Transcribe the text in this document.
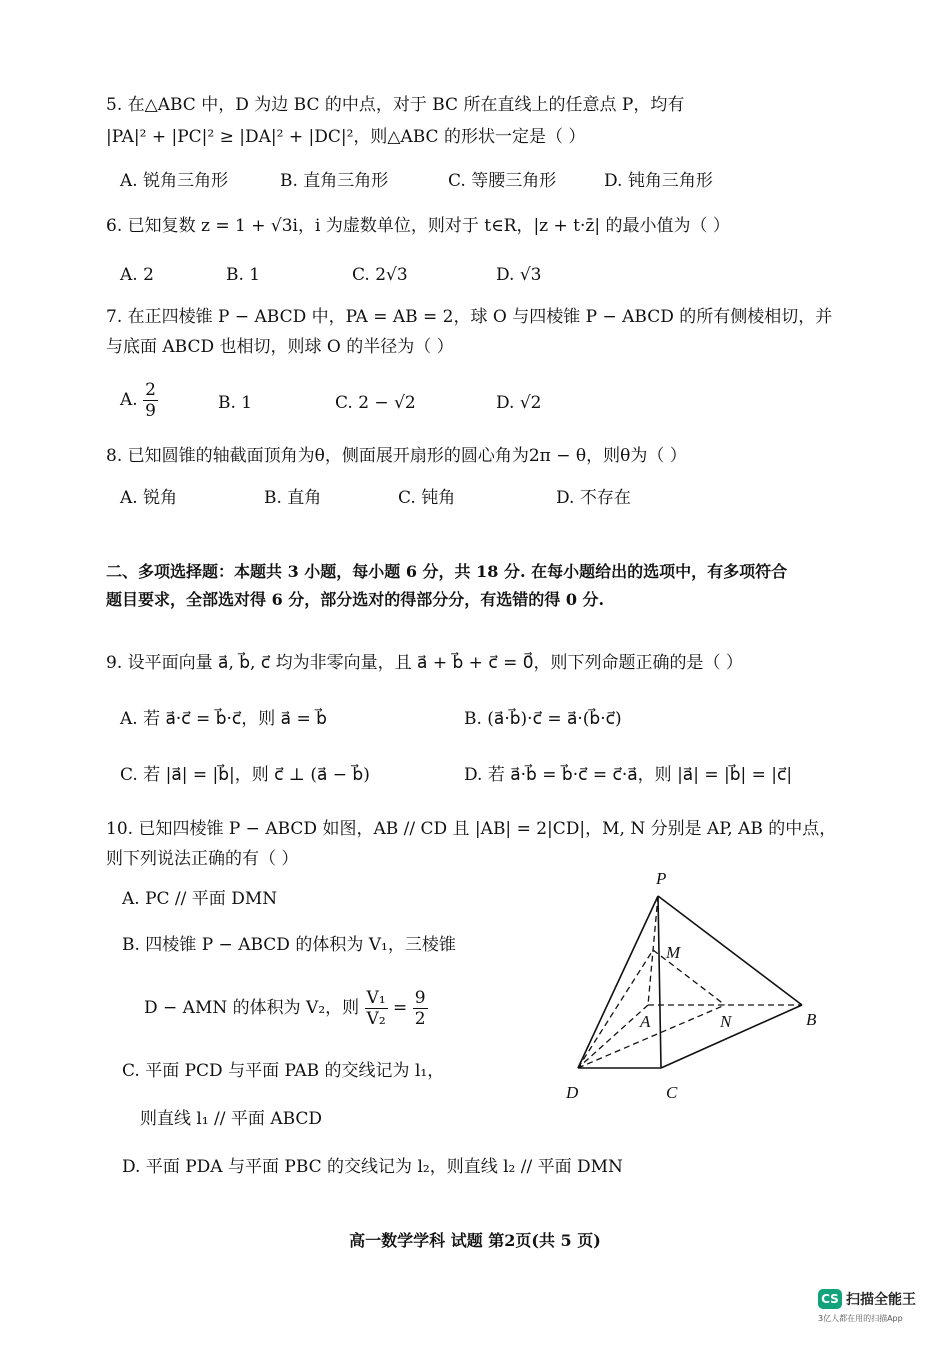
5. 在△ABC 中，D 为边 BC 的中点，对于 BC 所在直线上的任意点 P，均有
|PA|² + |PC|² ≥ |DA|² + |DC|²，则△ABC 的形状一定是（ ）
A. 锐角三角形	B. 直角三角形	C. 等腰三角形	D. 钝角三角形
6. 已知复数 z = 1 + √3i，i 为虚数单位，则对于 t∈R，|z + t·z̄| 的最小值为（ ）
A. 2	B. 1	C. 2√3	D. √3
7. 在正四棱锥 P − ABCD 中，PA = AB = 2，球 O 与四棱锥 P − ABCD 的所有侧棱相切，并
与底面 ABCD 也相切，则球 O 的半径为（ ）
A. $\frac{2}{9}$	B. 1	C. 2 − √2	D. √2
8. 已知圆锥的轴截面顶角为θ，侧面展开扇形的圆心角为2π − θ，则θ为（ ）
A. 锐角	B. 直角	C. 钝角	D. 不存在
二、多项选择题：本题共 3 小题，每小题 6 分，共 18 分. 在每小题给出的选项中，有多项符合
题目要求，全部选对得 6 分，部分选对的得部分分，有选错的得 0 分.
9. 设平面向量 a⃗, b⃗, c⃗ 均为非零向量，且 a⃗ + b⃗ + c⃗ = 0⃗，则下列命题正确的是（ ）
A. 若 a⃗·c⃗ = b⃗·c⃗，则 a⃗ = b⃗	B. (a⃗·b⃗)·c⃗ = a⃗·(b⃗·c⃗)
C. 若 |a⃗| = |b⃗|，则 c⃗ ⊥ (a⃗ − b⃗)	D. 若 a⃗·b⃗ = b⃗·c⃗ = c⃗·a⃗，则 |a⃗| = |b⃗| = |c⃗|
10. 已知四棱锥 P − ABCD 如图，AB // CD 且 |AB| = 2|CD|，M, N 分别是 AP, AB 的中点，
则下列说法正确的有（ ）
A. PC // 平面 DMN
B. 四棱锥 P − ABCD 的体积为 V₁，三棱锥
D − AMN 的体积为 V₂，则 $\frac{\text{V₁}}{\text{V₂}} = \frac{9}{2}$
C. 平面 PCD 与平面 PAB 的交线记为 l₁，
则直线 l₁ // 平面 ABCD
D. 平面 PDA 与平面 PBC 的交线记为 l₂，则直线 l₂ // 平面 DMN
P
M
A	N	B
D	C
高一数学学科 试题 第2页(共 5 页)
CS 扫描全能王
3亿人都在用的扫描App
